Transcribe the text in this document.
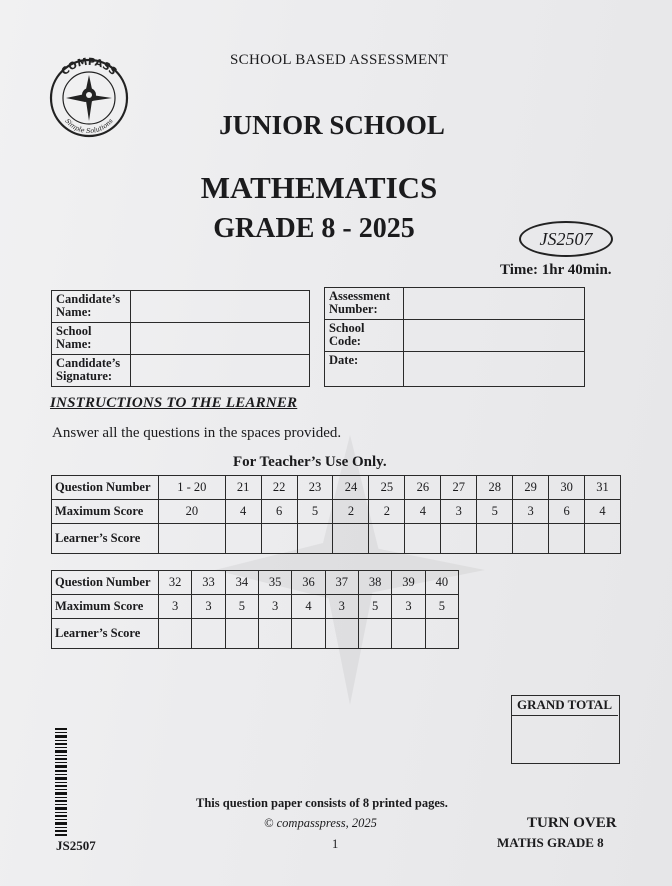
COMPASS
Simple Solutions
SCHOOL BASED ASSESSMENT
JUNIOR SCHOOL
MATHEMATICS
GRADE 8 - 2025	JS2507
Time: 1hr 40min.
Candidate’s Name:	
School Name:	
Candidate’s Signature:	
Assessment Number:	
School Code:	
Date:	
INSTRUCTIONS TO THE LEARNER
Answer all the questions in the spaces provided.
For Teacher’s Use Only.
Question Number	1 - 20	21	22	23	24	25	26	27	28	29	30	31
Maximum Score	20	4	6	5	2	2	4	3	5	3	6	4
Learner’s Score												
Question Number	32	33	34	35	36	37	38	39	40
Maximum Score	3	3	5	3	4	3	5	3	5
Learner’s Score									
GRAND TOTAL
JS2507
This question paper consists of 8 printed pages.
© compasspress, 2025
1
TURN OVER
MATHS GRADE 8
